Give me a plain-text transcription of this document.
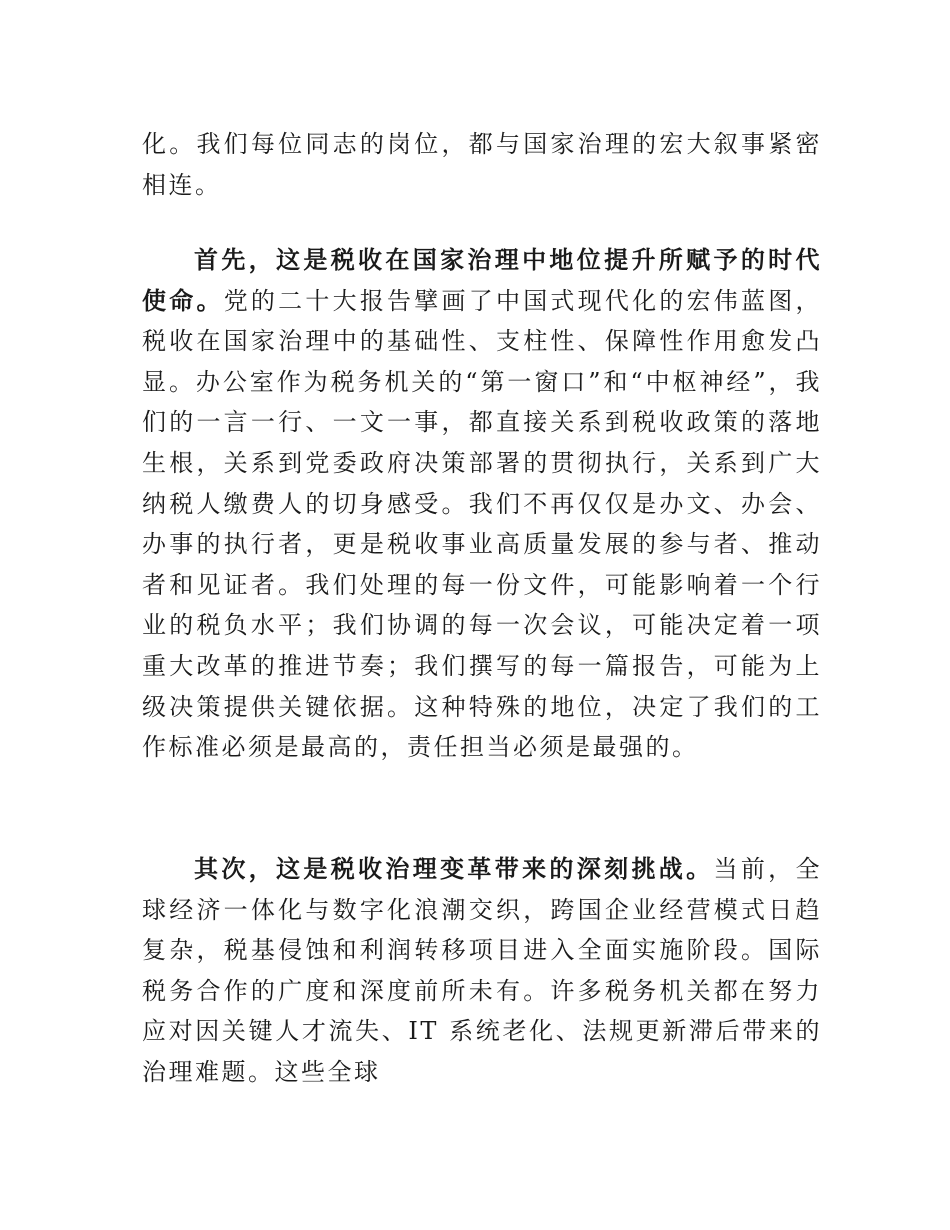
化。我们每位同志的岗位，都与国家治理的宏大叙事紧密相连。

首先，这是税收在国家治理中地位提升所赋予的时代使命。党的二十大报告擘画了中国式现代化的宏伟蓝图，税收在国家治理中的基础性、支柱性、保障性作用愈发凸显。办公室作为税务机关的“第一窗口”和“中枢神经”，我们的一言一行、一文一事，都直接关系到税收政策的落地生根，关系到党委政府决策部署的贯彻执行，关系到广大纳税人缴费人的切身感受。我们不再仅仅是办文、办会、办事的执行者，更是税收事业高质量发展的参与者、推动者和见证者。我们处理的每一份文件，可能影响着一个行业的税负水平；我们协调的每一次会议，可能决定着一项重大改革的推进节奏；我们撰写的每一篇报告，可能为上级决策提供关键依据。这种特殊的地位，决定了我们的工作标准必须是最高的，责任担当必须是最强的。

其次，这是税收治理变革带来的深刻挑战。当前，全球经济一体化与数字化浪潮交织，跨国企业经营模式日趋复杂，税基侵蚀和利润转移项目进入全面实施阶段。国际税务合作的广度和深度前所未有。许多税务机关都在努力应对因关键人才流失、IT 系统老化、法规更新滞后带来的治理难题。这些全球
